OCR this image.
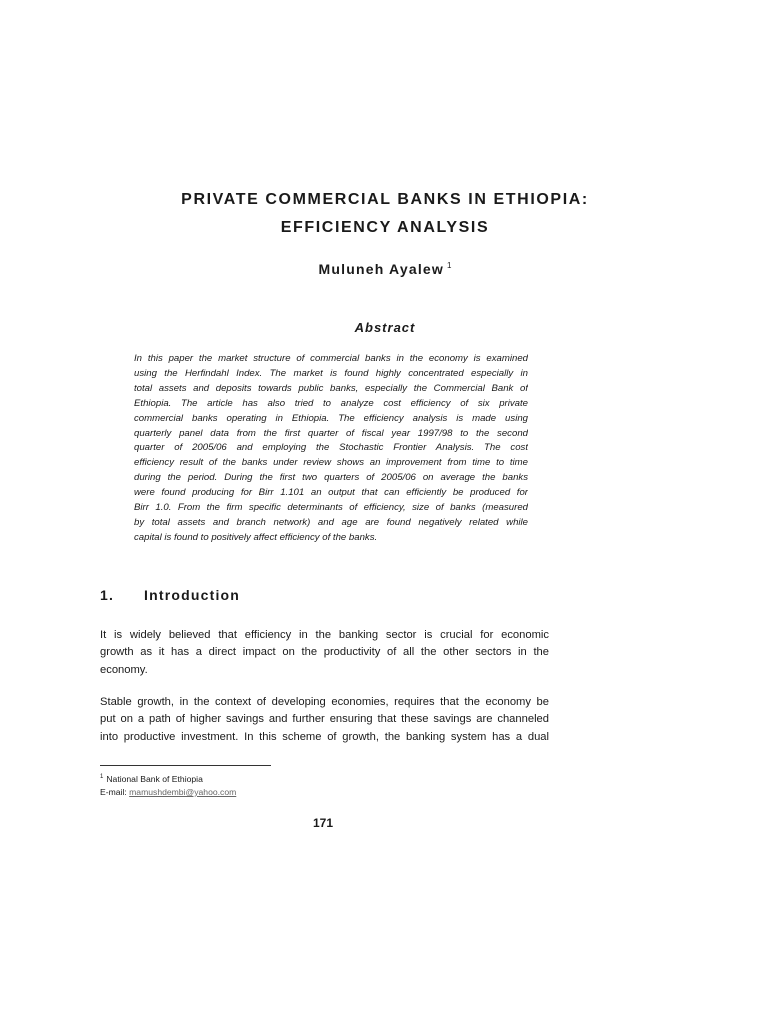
PRIVATE COMMERCIAL BANKS IN ETHIOPIA:
EFFICIENCY ANALYSIS
Muluneh Ayalew $^1$
Abstract
In this paper the market structure of commercial banks in the economy is examined
using the Herfindahl Index. The market is found highly concentrated especially in
total assets and deposits towards public banks, especially the Commercial Bank of
Ethiopia. The article has also tried to analyze cost efficiency of six private
commercial banks operating in Ethiopia. The efficiency analysis is made using
quarterly panel data from the first quarter of fiscal year 1997/98 to the second
quarter of 2005/06 and employing the Stochastic Frontier Analysis. The cost
efficiency result of the banks under review shows an improvement from time to time
during the period. During the first two quarters of 2005/06 on average the banks
were found producing for Birr 1.101 an output that can efficiently be produced for
Birr 1.0. From the firm specific determinants of efficiency, size of banks (measured
by total assets and branch network) and age are found negatively related while
capital is found to positively affect efficiency of the banks.
1. Introduction
It is widely believed that efficiency in the banking sector is crucial for economic
growth as it has a direct impact on the productivity of all the other sectors in the
economy.
Stable growth, in the context of developing economies, requires that the economy be
put on a path of higher savings and further ensuring that these savings are channeled
into productive investment. In this scheme of growth, the banking system has a dual
$^1$ National Bank of Ethiopia
E-mail: mamushdembi@yahoo.com
171
